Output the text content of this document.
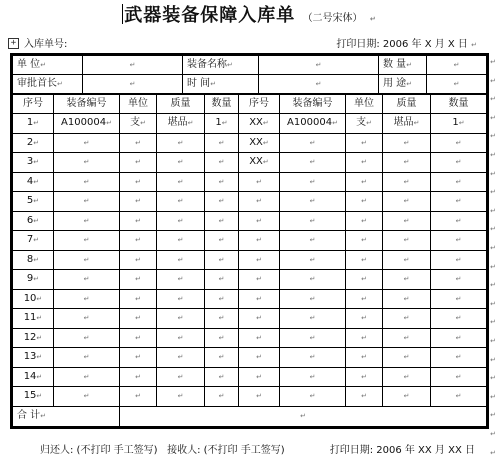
武器装备保障入库单 （二号宋体） ↵
+ 入库单号:	打印日期: 2006 年 X 月 X 日 ↵
单 位↵	↵	装备名称↵	↵	数 量↵	↵
审批首长↵	↵	时 间↵	↵	用 途↵	↵
序号	装备编号	单位	质量	数量	序号	装备编号	单位	质量	数量
1↵	A100004↵	支↵	堪品↵	1↵	XX↵	A100004↵	支↵	堪品↵	1↵
2↵	↵	↵	↵	↵	XX↵	↵	↵	↵	↵
3↵	↵	↵	↵	↵	XX↵	↵	↵	↵	↵
4↵	↵	↵	↵	↵	↵	↵	↵	↵	↵
5↵	↵	↵	↵	↵	↵	↵	↵	↵	↵
6↵	↵	↵	↵	↵	↵	↵	↵	↵	↵
7↵	↵	↵	↵	↵	↵	↵	↵	↵	↵
8↵	↵	↵	↵	↵	↵	↵	↵	↵	↵
9↵	↵	↵	↵	↵	↵	↵	↵	↵	↵
10↵	↵	↵	↵	↵	↵	↵	↵	↵	↵
11↵	↵	↵	↵	↵	↵	↵	↵	↵	↵
12↵	↵	↵	↵	↵	↵	↵	↵	↵	↵
13↵	↵	↵	↵	↵	↵	↵	↵	↵	↵
14↵	↵	↵	↵	↵	↵	↵	↵	↵	↵
15↵	↵	↵	↵	↵	↵	↵	↵	↵	↵
合 计↵		↵							
归还人: (不打印 手工签写) 接收人: (不打印 手工签写)	打印日期: 2006 年 XX 月 XX 日
↵
↵
↵
↵
↵
↵
↵
↵
↵
↵
↵
↵
↵
↵
↵
↵
↵
↵
↵
↵
↵
↵
